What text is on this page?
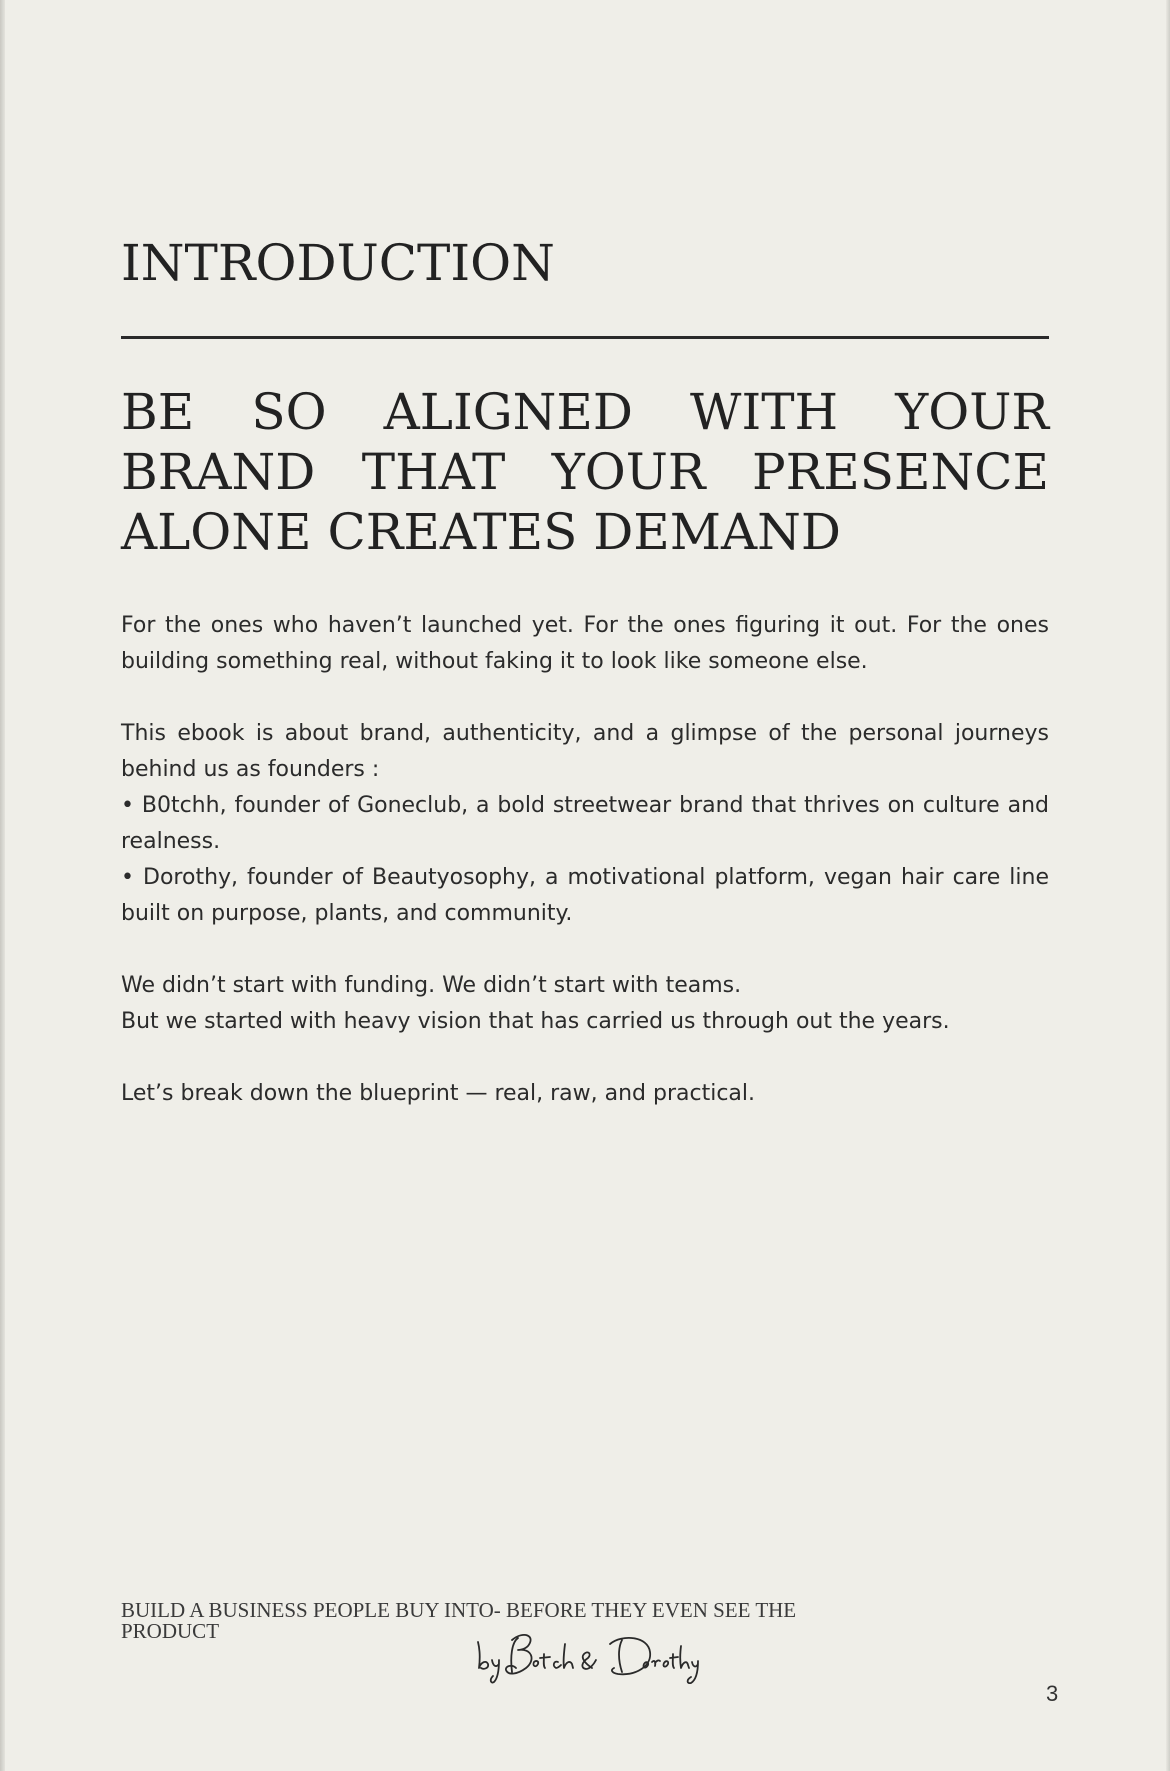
INTRODUCTION
BE SO ALIGNED WITH YOUR BRAND THAT YOUR PRESENCE ALONE CREATES DEMAND

For the ones who haven’t launched yet. For the ones figuring it out. For the ones building something real, without faking it to look like someone else.

This ebook is about brand, authenticity, and a glimpse of the personal journeys behind us as founders :
• B0tchh, founder of Goneclub, a bold streetwear brand that thrives on culture and realness.
• Dorothy, founder of Beautyosophy, a motivational platform, vegan hair care line built on purpose, plants, and community.

We didn’t start with funding. We didn’t start with teams.
But we started with heavy vision that has carried us through out the years.

Let’s break down the blueprint — real, raw, and practical.

BUILD A BUSINESS PEOPLE BUY INTO- BEFORE THEY EVEN SEE THE PRODUCT
3
